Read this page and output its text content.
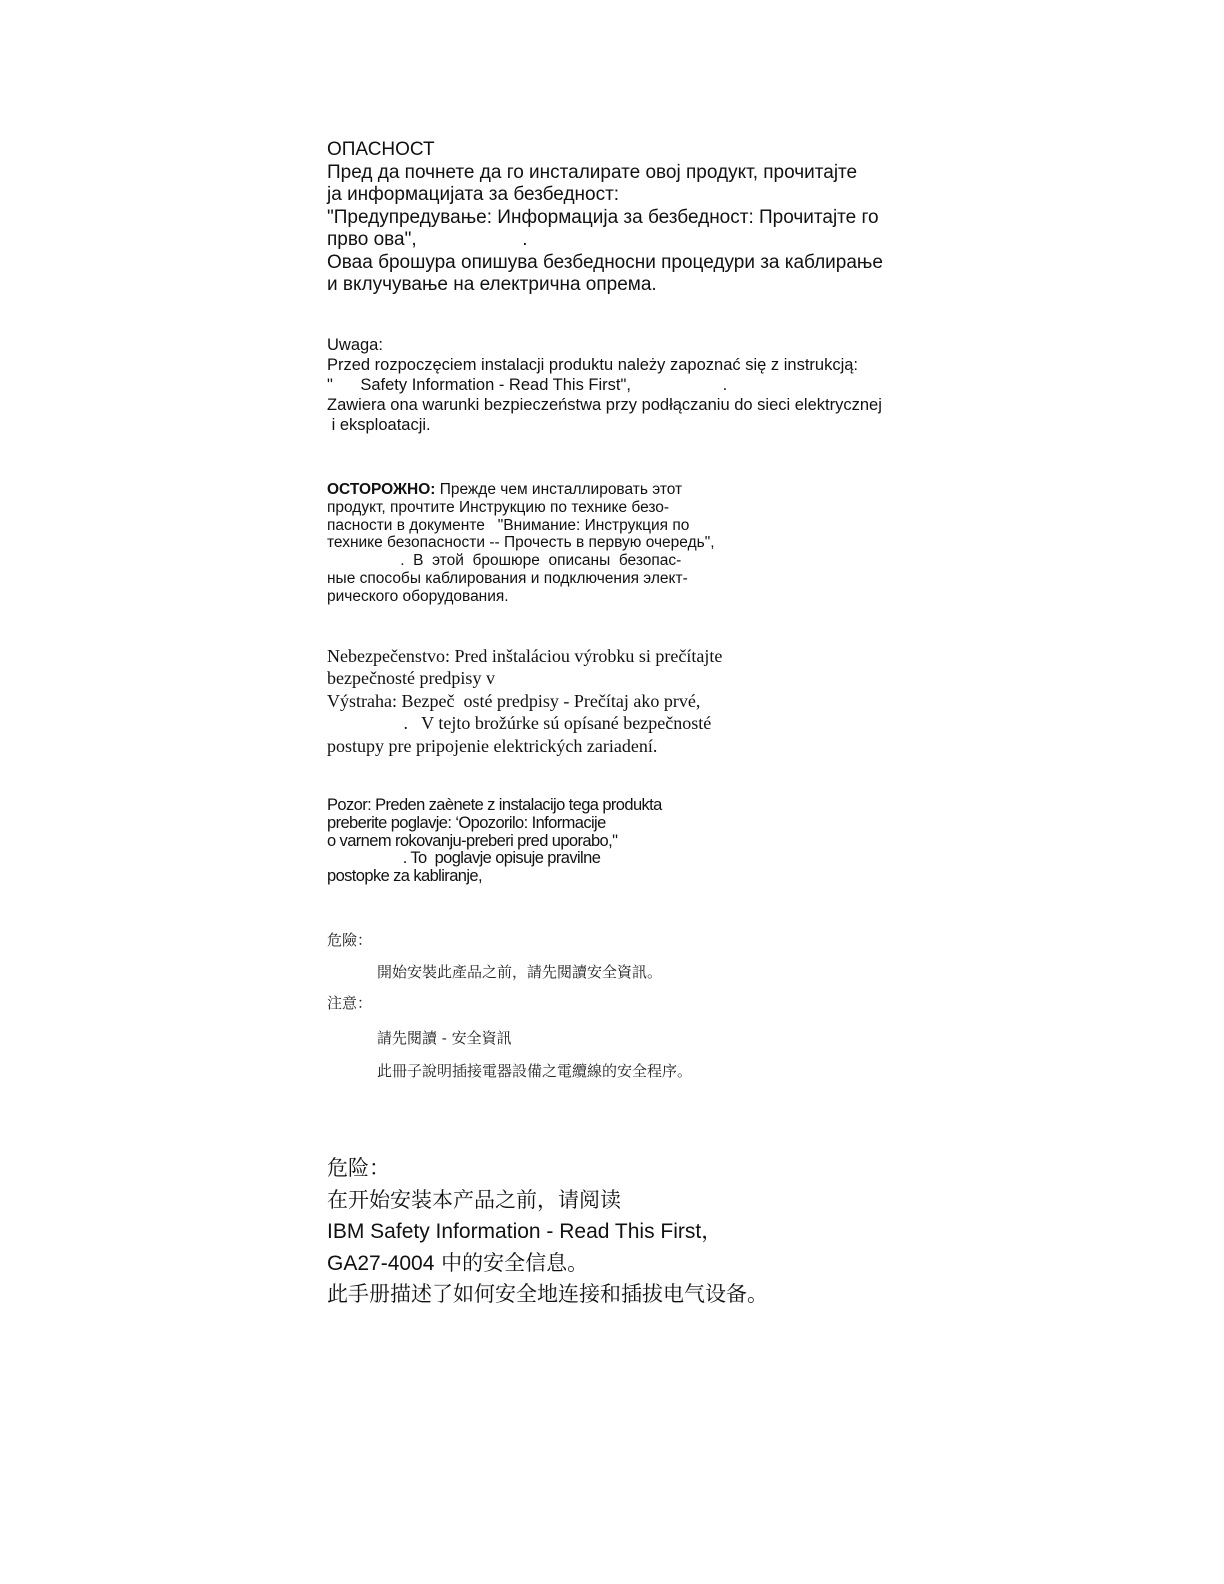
ОПАСНОСТ
Пред да почнете да го инсталирате овој продукт, прочитајте
ја информацијата за безбедност:
"Предупредување: Информација за безбедност: Прочитајте го
прво ова",                    .
Оваа брошура опишува безбедносни процедури за каблирање
и вклучување на електрична опрема.
Uwaga:
Przed rozpoczęciem instalacji produktu należy zapoznać się z instrukcją:
"      Safety Information - Read This First",                    .
Zawiera ona warunki bezpieczeństwa przy podłączaniu do sieci elektrycznej
i eksploatacji.
ОСТОРОЖНО: Прежде чем инсталлировать этот
продукт, прочтите Инструкцию по технике безо-
пасности в документе   "Внимание: Инструкция по
технике безопасности -- Прочесть в первую очередь",
.  В  этой  брошюре  описаны  безопас-
ные способы каблирования и подключения элект-
рического оборудования.
Nebezpečenstvo: Pred inštaláciou výrobku si prečítajte
bezpečnosté predpisy v
Výstraha: Bezpeč  osté predpisy - Prečítaj ako prvé,
.   V tejto brožúrke sú opísané bezpečnosté
postupy pre pripojenie elektrických zariadení.
Pozor: Preden zaènete z instalacijo tega produkta
preberite poglavje: ‘Opozorilo: Informacije
o varnem rokovanju-preberi pred uporabo,"
. To  poglavje opisuje pravilne
postopke za kabliranje,
危險：
開始安裝此產品之前，請先閱讀安全資訊。
注意：
請先閱讀 - 安全資訊
此冊子說明插接電器設備之電纜線的安全程序。
危险：
在开始安装本产品之前，请阅读
IBM Safety Information - Read This First，
GA27-4004 中的安全信息。
此手册描述了如何安全地连接和插拔电气设备。
